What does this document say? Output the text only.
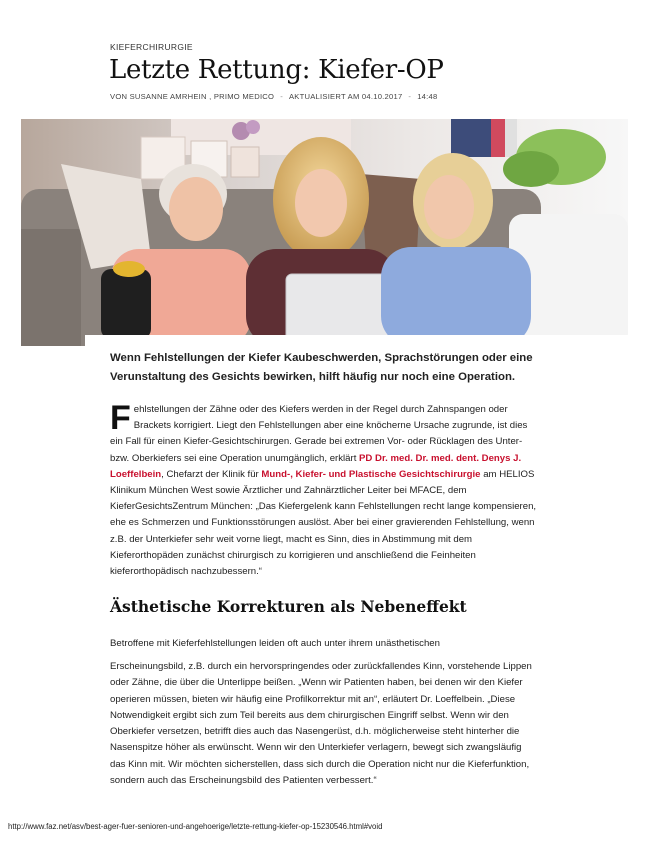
KIEFERCHIRURGIE
Letzte Rettung: Kiefer-OP
VON SUSANNE AMRHEIN , PRIMO MEDICO - AKTUALISIERT AM 04.10.2017 - 14:48

Wenn Fehlstellungen der Kiefer Kaubeschwerden, Sprachstörungen oder eine Verunstaltung des Gesichts bewirken, hilft häufig nur noch eine Operation.

Fehlstellungen der Zähne oder des Kiefers werden in der Regel durch Zahnspangen oder Brackets korrigiert. Liegt den Fehlstellungen aber eine knöcherne Ursache zugrunde, ist dies ein Fall für einen Kiefer-Gesichtschirurgen. Gerade bei extremen Vor- oder Rücklagen des Unter- bzw. Oberkiefers sei eine Operation unumgänglich, erklärt PD Dr. med. Dr. med. dent. Denys J. Loeffelbein, Chefarzt der Klinik für Mund-, Kiefer- und Plastische Gesichtschirurgie am HELIOS Klinikum München West sowie Ärztlicher und Zahnärztlicher Leiter bei MFACE, dem KieferGesichtsZentrum München: „Das Kiefergelenk kann Fehlstellungen recht lange kompensieren, ehe es Schmerzen und Funktionsstörungen auslöst. Aber bei einer gravierenden Fehlstellung, wenn z.B. der Unterkiefer sehr weit vorne liegt, macht es Sinn, dies in Abstimmung mit dem Kieferorthopäden zunächst chirurgisch zu korrigieren und anschließend die Feinheiten kieferorthopädisch nachzubessern.“

Ästhetische Korrekturen als Nebeneffekt

Betroffene mit Kieferfehlstellungen leiden oft auch unter ihrem unästhetischen

Erscheinungsbild, z.B. durch ein hervorspringendes oder zurückfallendes Kinn, vorstehende Lippen oder Zähne, die über die Unterlippe beißen. „Wenn wir Patienten haben, bei denen wir den Kiefer operieren müssen, bieten wir häufig eine Profilkorrektur mit an“, erläutert Dr. Loeffelbein. „Diese Notwendigkeit ergibt sich zum Teil bereits aus dem chirurgischen Eingriff selbst. Wenn wir den Oberkiefer versetzen, betrifft dies auch das Nasengerüst, d.h. möglicherweise steht hinterher die Nasenspitze höher als erwünscht. Wenn wir den Unterkiefer verlagern, bewegt sich zwangsläufig das Kinn mit. Wir möchten sicherstellen, dass sich durch die Operation nicht nur die Kieferfunktion, sondern auch das Erscheinungsbild des Patienten verbessert.“

http://www.faz.net/asv/best-ager-fuer-senioren-und-angehoerige/letzte-rettung-kiefer-op-15230546.html#void
